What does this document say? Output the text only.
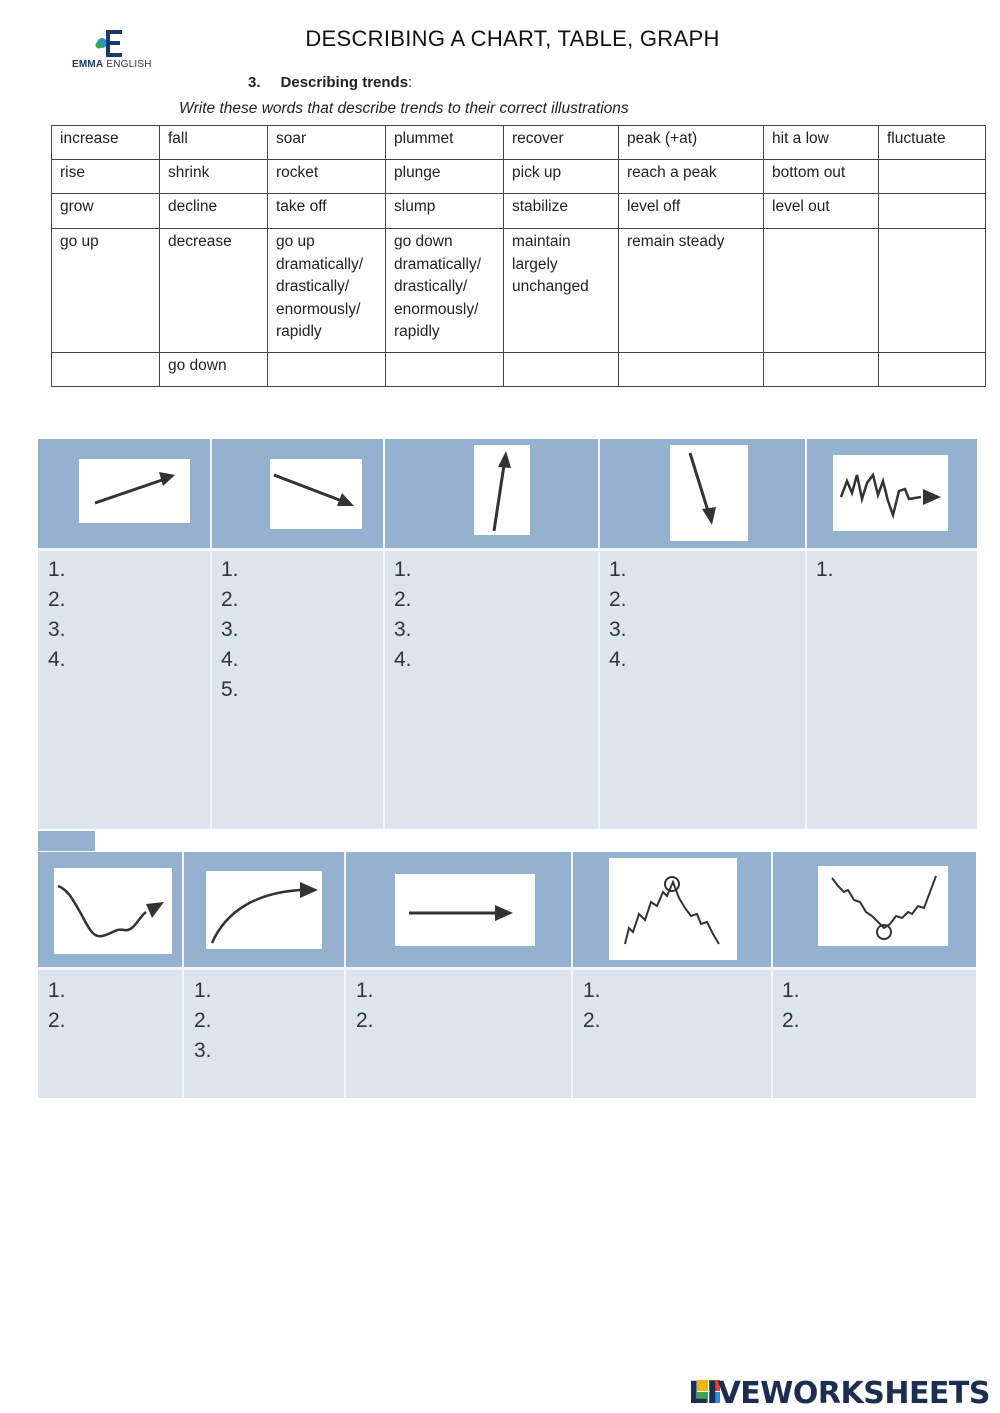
EMMA ENGLISH
DESCRIBING A CHART, TABLE, GRAPH
3. Describing trends:
Write these words that describe trends to their correct illustrations
increase	fall	soar	plummet	recover	peak (+at)	hit a low	fluctuate
rise	shrink	rocket	plunge	pick up	reach a peak	bottom out	
grow	decline	take off	slump	stabilize	level off	level out	
go up	decrease	go up dramatically/ drastically/ enormously/ rapidly	go down dramatically/ drastically/ enormously/ rapidly	maintain largely unchanged	remain steady		
	go down						
1.
2.
3.
4.
1.
2.
3.
4.
5.
1.
2.
3.
4.
1.
2.
3.
4.
1.
1.
2.
1.
2.
3.
1.
2.
1.
2.
1.
2.
LIVEWORKSHEETS
